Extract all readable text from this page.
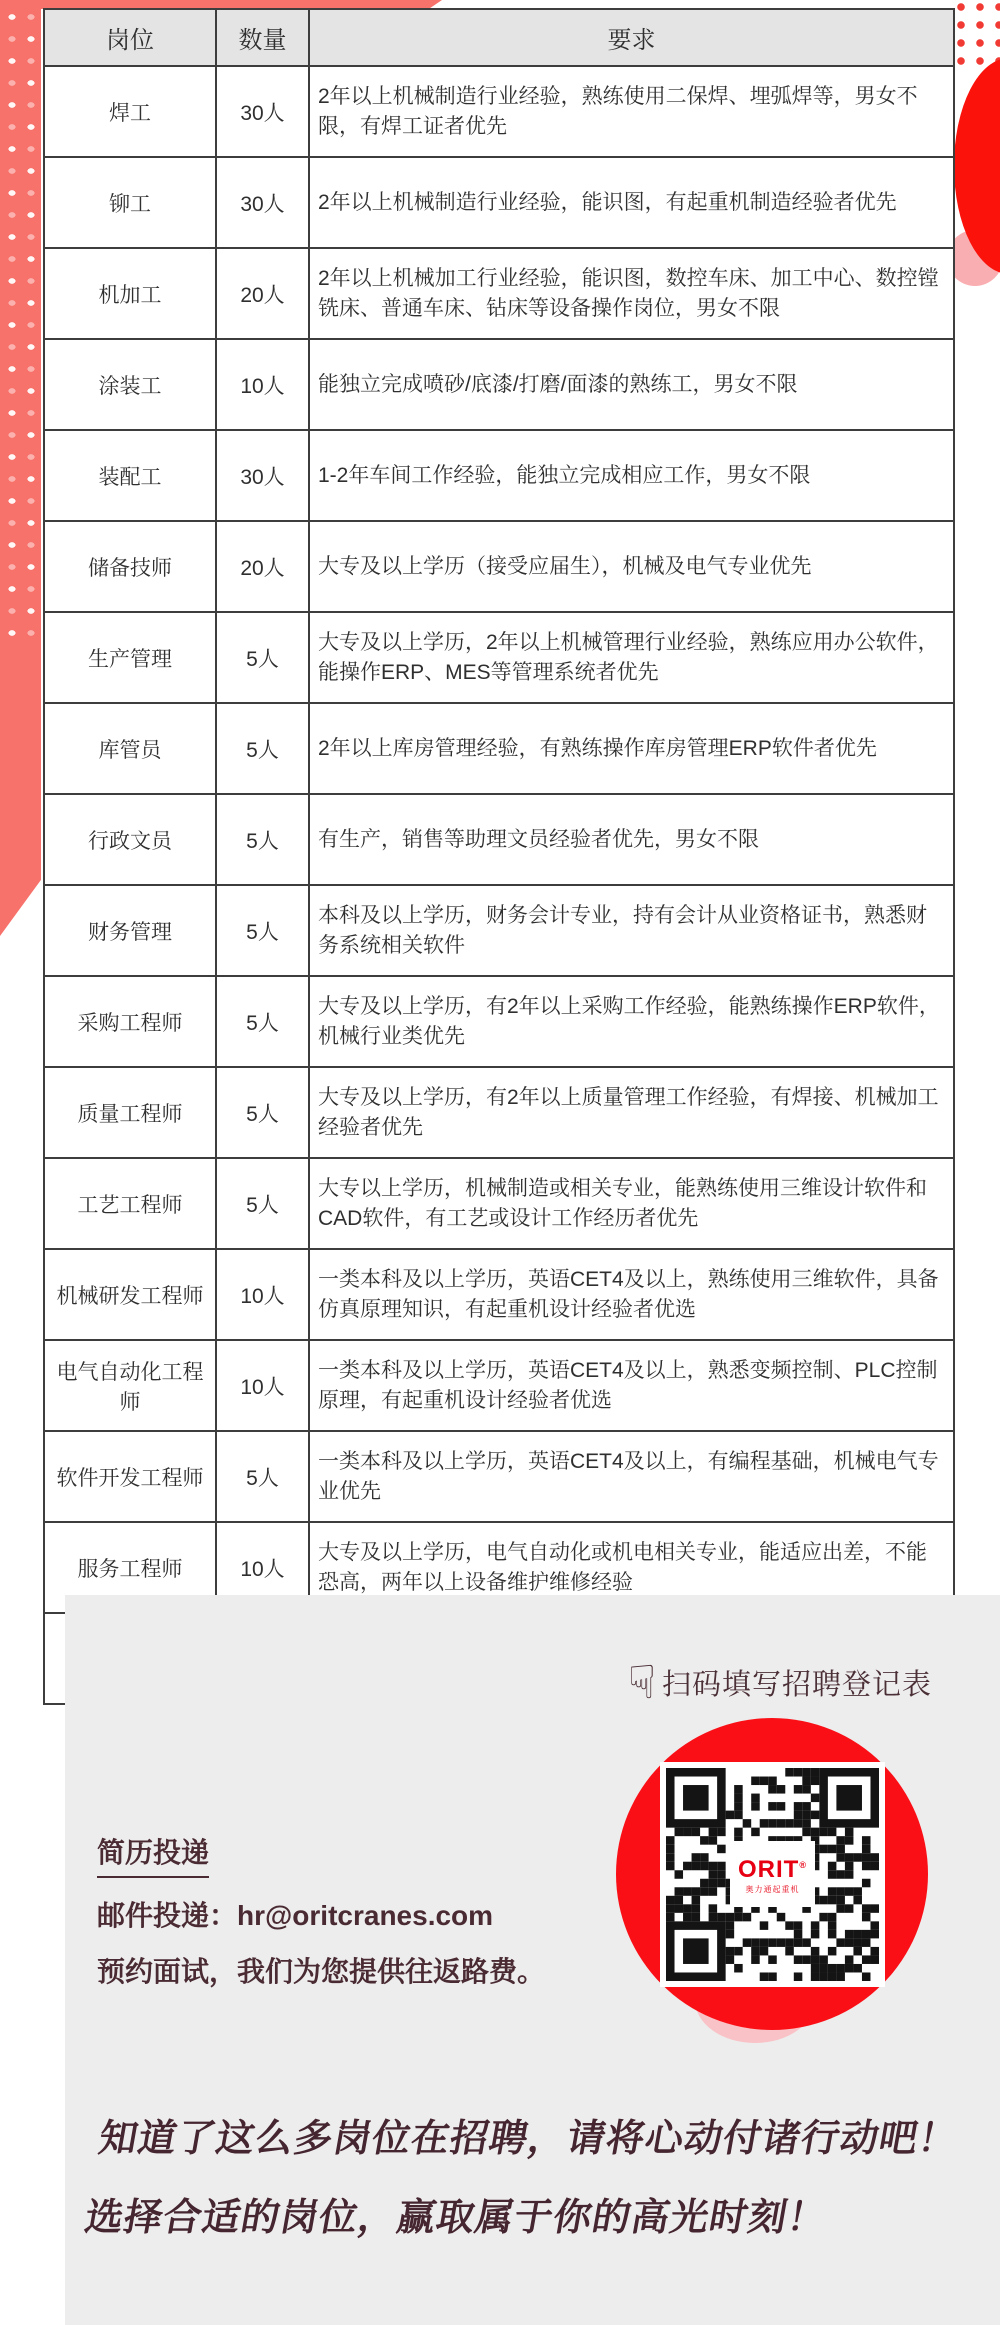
岗位	数量	要求
焊工	30人	2年以上机械制造行业经验，熟练使用二保焊、埋弧焊等，男女不限，有焊工证者优先
铆工	30人	2年以上机械制造行业经验，能识图，有起重机制造经验者优先
机加工	20人	2年以上机械加工行业经验，能识图，数控车床、加工中心、数控镗铣床、普通车床、钻床等设备操作岗位，男女不限
涂装工	10人	能独立完成喷砂/底漆/打磨/面漆的熟练工，男女不限
装配工	30人	1-2年车间工作经验，能独立完成相应工作，男女不限
储备技师	20人	大专及以上学历（接受应届生），机械及电气专业优先
生产管理	5人	大专及以上学历，2年以上机械管理行业经验，熟练应用办公软件，能操作ERP、MES等管理系统者优先
库管员	5人	2年以上库房管理经验，有熟练操作库房管理ERP软件者优先
行政文员	5人	有生产，销售等助理文员经验者优先，男女不限
财务管理	5人	本科及以上学历，财务会计专业，持有会计从业资格证书，熟悉财务系统相关软件
采购工程师	5人	大专及以上学历，有2年以上采购工作经验，能熟练操作ERP软件，机械行业类优先
质量工程师	5人	大专及以上学历，有2年以上质量管理工作经验，有焊接、机械加工经验者优先
工艺工程师	5人	大专以上学历，机械制造或相关专业，能熟练使用三维设计软件和CAD软件，有工艺或设计工作经历者优先
机械研发工程师	10人	一类本科及以上学历，英语CET4及以上，熟练使用三维软件，具备仿真原理知识，有起重机设计经验者优选
电气自动化工程师	10人	一类本科及以上学历，英语CET4及以上，熟悉变频控制、PLC控制原理，有起重机设计经验者优选
软件开发工程师	5人	一类本科及以上学历，英语CET4及以上，有编程基础，机械电气专业优先
服务工程师	10人	大专及以上学历，电气自动化或机电相关专业，能适应出差，不能恐高，两年以上设备维护维修经验

☟ 扫码填写招聘登记表
ORIT®
奥力通起重机
简历投递
邮件投递：hr@oritcranes.com
预约面试，我们为您提供往返路费。
知道了这么多岗位在招聘，请将心动付诸行动吧！
选择合适的岗位，赢取属于你的高光时刻！
